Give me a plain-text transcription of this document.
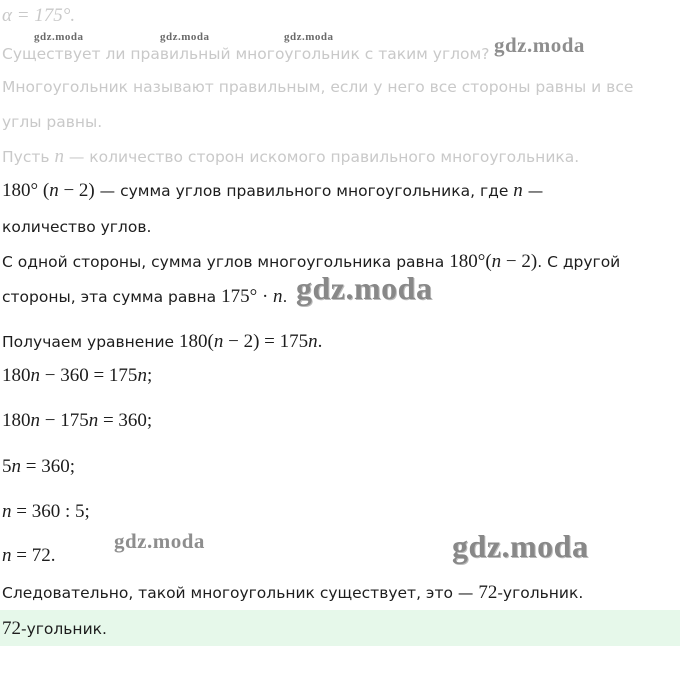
α = 175°.
Существует ли правильный многоугольник с таким углом?
Многоугольник называют правильным, если у него все стороны равны и все
углы равны.
Пусть n — количество сторон искомого правильного многоугольника.
180° (n − 2) — сумма углов правильного многоугольника, где n —
количество углов.
С одной стороны, сумма углов многоугольника равна 180°(n − 2). С другой
стороны, эта сумма равна 175° · n.
Получаем уравнение 180(n − 2) = 175n.
180n − 360 = 175n;
180n − 175n = 360;
5n = 360;
n = 360 : 5;
n = 72.
Следовательно, такой многоугольник существует, это — 72-угольник.
72-угольник.
gdz.moda	gdz.moda	gdz.moda	gdz.moda
gdz.moda
gdz.moda
gdz.moda
